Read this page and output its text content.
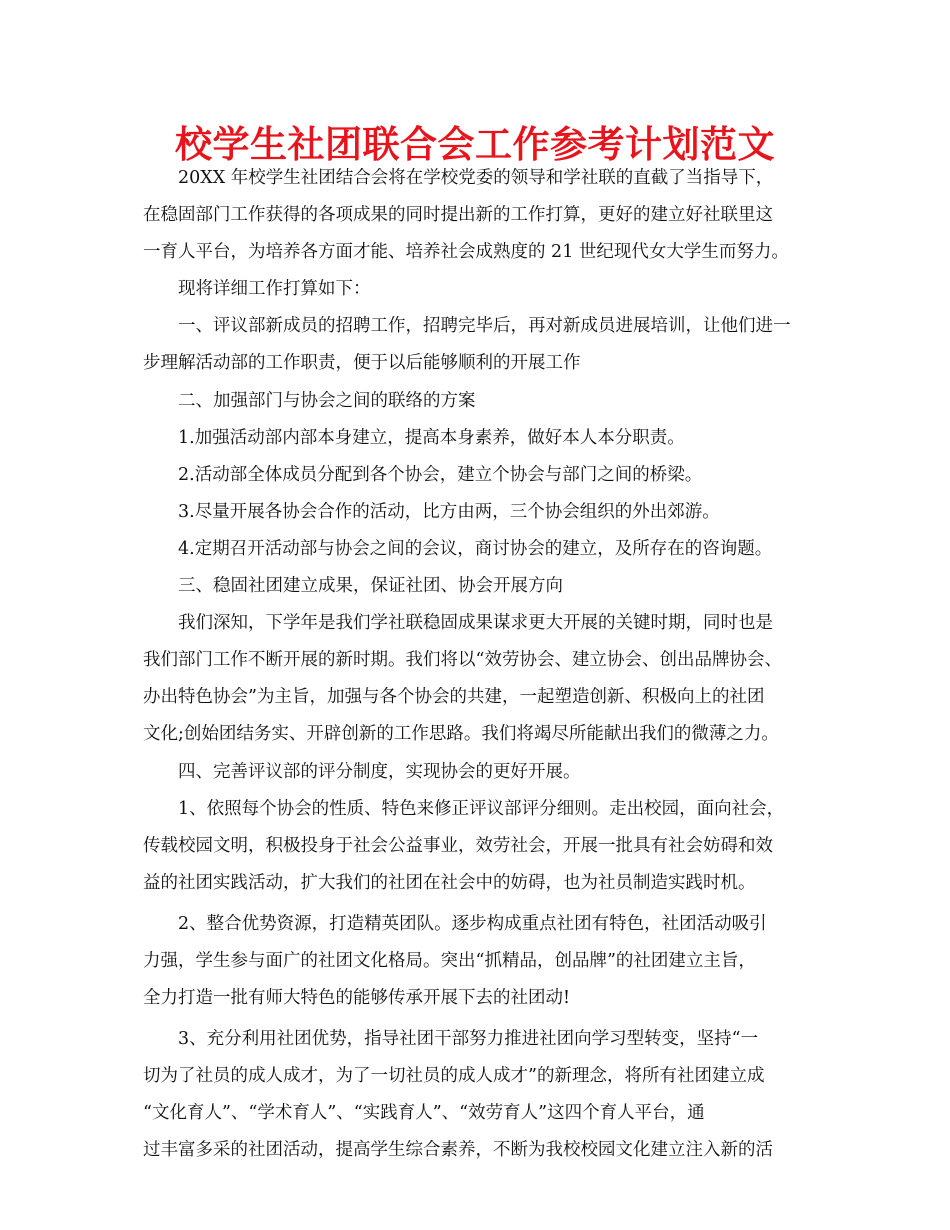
校学生社团联合会工作参考计划范文
　　20XX 年校学生社团结合会将在学校党委的领导和学社联的直截了当指导下，
在稳固部门工作获得的各项成果的同时提出新的工作打算，更好的建立好社联里这
一育人平台，为培养各方面才能、培养社会成熟度的 21 世纪现代女大学生而努力。
　　现将详细工作打算如下：
　　一、评议部新成员的招聘工作，招聘完毕后，再对新成员进展培训，让他们进一
步理解活动部的工作职责，便于以后能够顺利的开展工作
　　二、加强部门与协会之间的联络的方案
　　1.加强活动部内部本身建立，提高本身素养，做好本人本分职责。
　　2.活动部全体成员分配到各个协会，建立个协会与部门之间的桥梁。
　　3.尽量开展各协会合作的活动，比方由两，三个协会组织的外出郊游。
　　4.定期召开活动部与协会之间的会议，商讨协会的建立，及所存在的咨询题。
　　三、稳固社团建立成果，保证社团、协会开展方向
　　我们深知，下学年是我们学社联稳固成果谋求更大开展的关键时期，同时也是
我们部门工作不断开展的新时期。我们将以“效劳协会、建立协会、创出品牌协会、
办出特色协会”为主旨，加强与各个协会的共建，一起塑造创新、积极向上的社团
文化;创始团结务实、开辟创新的工作思路。我们将竭尽所能献出我们的微薄之力。
　　四、完善评议部的评分制度，实现协会的更好开展。
　　1、依照每个协会的性质、特色来修正评议部评分细则。走出校园，面向社会，
传载校园文明，积极投身于社会公益事业，效劳社会，开展一批具有社会妨碍和效
益的社团实践活动，扩大我们的社团在社会中的妨碍，也为社员制造实践时机。
　　2、整合优势资源，打造精英团队。逐步构成重点社团有特色，社团活动吸引
力强，学生参与面广的社团文化格局。突出“抓精品，创品牌”的社团建立主旨，
全力打造一批有师大特色的能够传承开展下去的社团动!
　　3、充分利用社团优势，指导社团干部努力推进社团向学习型转变，坚持“一
切为了社员的成人成才，为了一切社员的成人成才”的新理念，将所有社团建立成
“文化育人”、“学术育人”、“实践育人”、“效劳育人”这四个育人平台，通
过丰富多采的社团活动，提高学生综合素养，不断为我校校园文化建立注入新的活
